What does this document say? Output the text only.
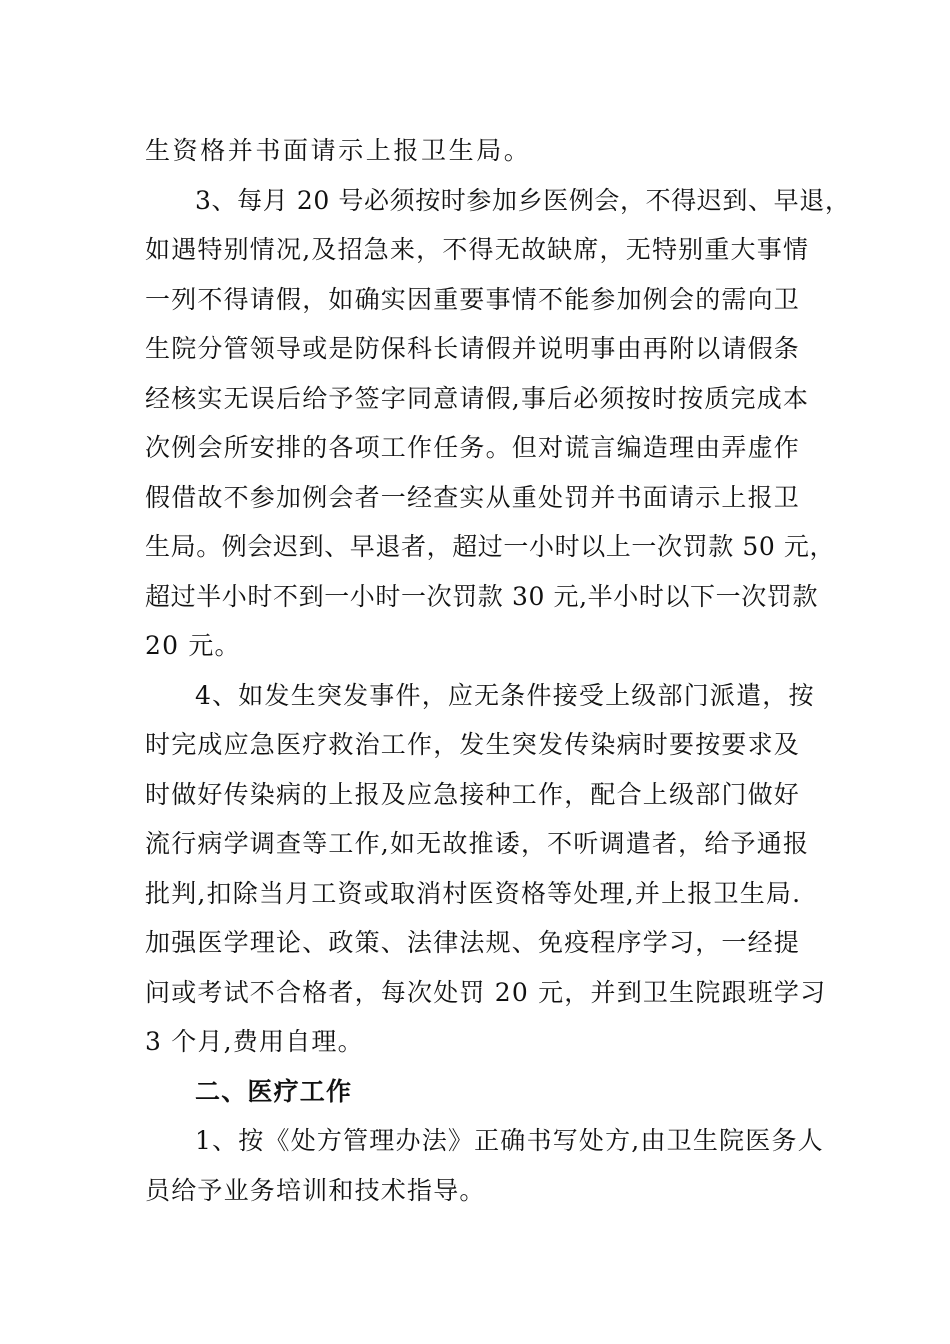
生资格并书面请示上报卫生局。
3、每月 20 号必须按时参加乡医例会，不得迟到、早退，
如遇特别情况,及招急来，不得无故缺席，无特别重大事情
一列不得请假，如确实因重要事情不能参加例会的需向卫
生院分管领导或是防保科长请假并说明事由再附以请假条
经核实无误后给予签字同意请假,事后必须按时按质完成本
次例会所安排的各项工作任务。但对谎言编造理由弄虚作
假借故不参加例会者一经查实从重处罚并书面请示上报卫
生局。例会迟到、早退者，超过一小时以上一次罚款 50 元，
超过半小时不到一小时一次罚款 30 元,半小时以下一次罚款
20 元。
4、如发生突发事件，应无条件接受上级部门派遣，按
时完成应急医疗救治工作，发生突发传染病时要按要求及
时做好传染病的上报及应急接种工作，配合上级部门做好
流行病学调查等工作,如无故推诿，不听调遣者，给予通报
批判,扣除当月工资或取消村医资格等处理,并上报卫生局.
加强医学理论、政策、法律法规、免疫程序学习，一经提
问或考试不合格者，每次处罚 20 元，并到卫生院跟班学习
3 个月,费用自理。
二、医疗工作
1、按《处方管理办法》正确书写处方,由卫生院医务人
员给予业务培训和技术指导。
